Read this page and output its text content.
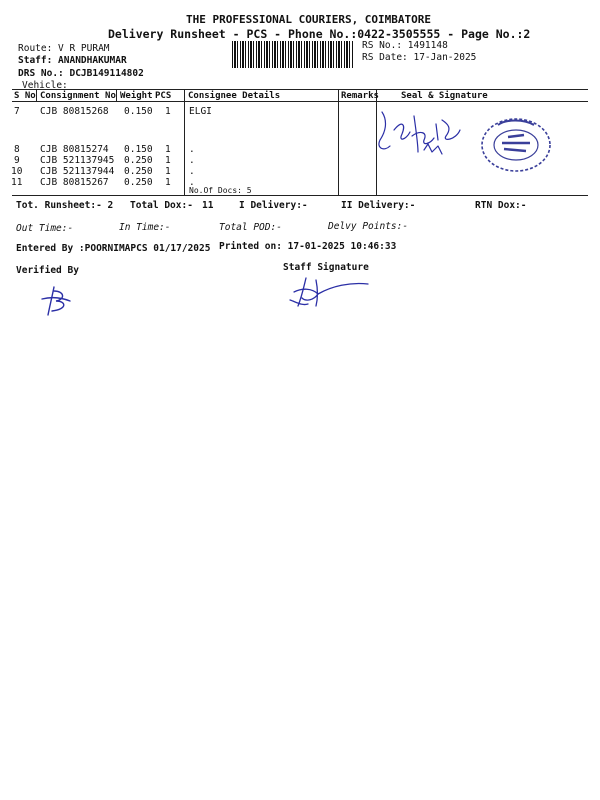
THE PROFESSIONAL COURIERS, COIMBATORE
Delivery Runsheet - PCS - Phone No.:0422-3505555 - Page No.:2
Route: V R PURAM
Staff: ANANDHAKUMAR
DRS No.: DCJB149114802
Vehicle:
RS No.: 1491148
RS Date: 17-Jan-2025
S No Consignment No Weight PCS Consignee Details	Remarks Seal & Signature
7 CJB 80815268 0.150 1 ELGI
8 CJB 80815274 0.150 1 .
9 CJB 521137945 0.250 1 .
10 CJB 521137944 0.250 1 .
11 CJB 80815267 0.250 1 .
No.Of Docs: 5
Tot. Runsheet:- 2 Total Dox:- 11	I Delivery:-	II Delivery:-	RTN Dox:-
Out Time:-	In Time:-	Total POD:-	Delvy Points:-
Entered By :POORNIMAPCS 01/17/2025 Printed on: 17-01-2025 10:46:33
Verified By	Staff Signature
